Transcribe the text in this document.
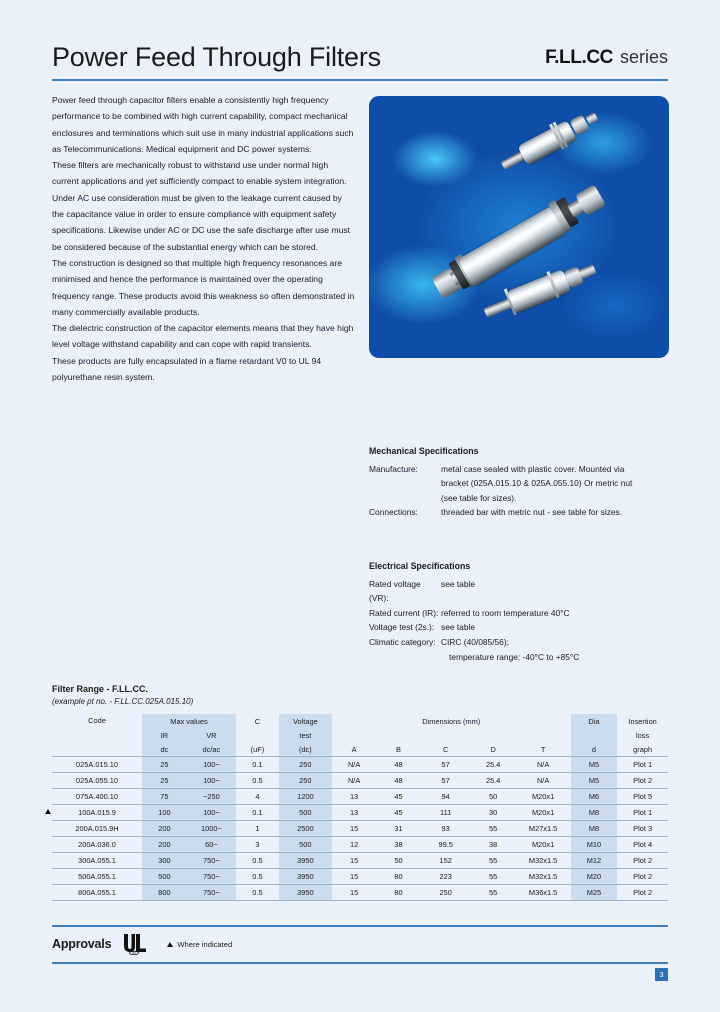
Power Feed Through Filters	F.LL.CC series

Power feed through capacitor filters enable a consistently high frequency performance to be combined with high current capability, compact mechanical enclosures and terminations which suit use in many industrial applications such as Telecommunications. Medical equipment and DC power systems.

These filters are mechanically robust to withstand use under normal high current applications and yet sufficiently compact to enable system integration.

Under AC use consideration must be given to the leakage current caused by the capacitance value in order to ensure compliance with equipment safety specifications. Likewise under AC or DC use the safe discharge after use must be considered because of the substantial energy which can be stored.

The construction is designed so that multiple high frequency resonances are minimised and hence the performance is maintained over the operating frequency range. These products avoid this weakness so often demonstrated in many commercially available products.

The dielectric construction of the capacitor elements means that they have high level voltage withstand capability and can cope with rapid transients.

These products are fully encapsulated in a flame retardant V0 to UL 94 polyurethane resin system.

Mechanical Specifications
Manufacture:	metal case sealed with plastic cover. Mounted via
bracket (025A.015.10 & 025A.055.10) Or metric nut
(see table for sizes).
Connections:	threaded bar with metric nut - see table for sizes.
Electrical Specifications
Rated voltage (VR):
see table
Rated current (IR): referred to room temperature 40°C
Voltage test (2s.): see table
Climatic category: CIRC (40/085/56);
temperature range: -40°C to +85°C
Filter Range - F.LL.CC.
(example pt no. - F.LL.CC.025A.015.10)
Code	Max values		C	Voltage	Dimensions (mm)					Dia	Insertion
	IR	VR		test							loss
	dc	dc/ac	(uF)	(dc)	A	B	C	D	T	d	graph
025A.015.10	25	100~	0.1	250	N/A	48	57	25.4	N/A	M5	Plot 1
025A.055.10	25	100~	0.5	250	N/A	48	57	25.4	N/A	M5	Plot 2
075A.400.10	75	~250	4	1200	13	45	94	50	M20x1	M6	Plot 5

100A.015.9	100	100~	0.1	500	13	45	111	30	M20x1	M8	Plot 1
200A.015.9H	200	1000~	1	2500	15	31	93	55	M27x1.5	M8	Plot 3
200A.036.0	200	60~	3	500	12	38	99.5	38	M20x1	M10	Plot 4
300A.055.1	300	750~	0.5	3950	15	50	152	55	M32x1.5	M12	Plot 2
500A.055.1	500	750~	0.5	3950	15	80	223	55	M32x1.5	M20	Plot 2
800A.055.1	800	750~	0.5	3950	15	80	250	55	M36x1.5	M25	Plot 2
Approvals
US
Where indicated
3
